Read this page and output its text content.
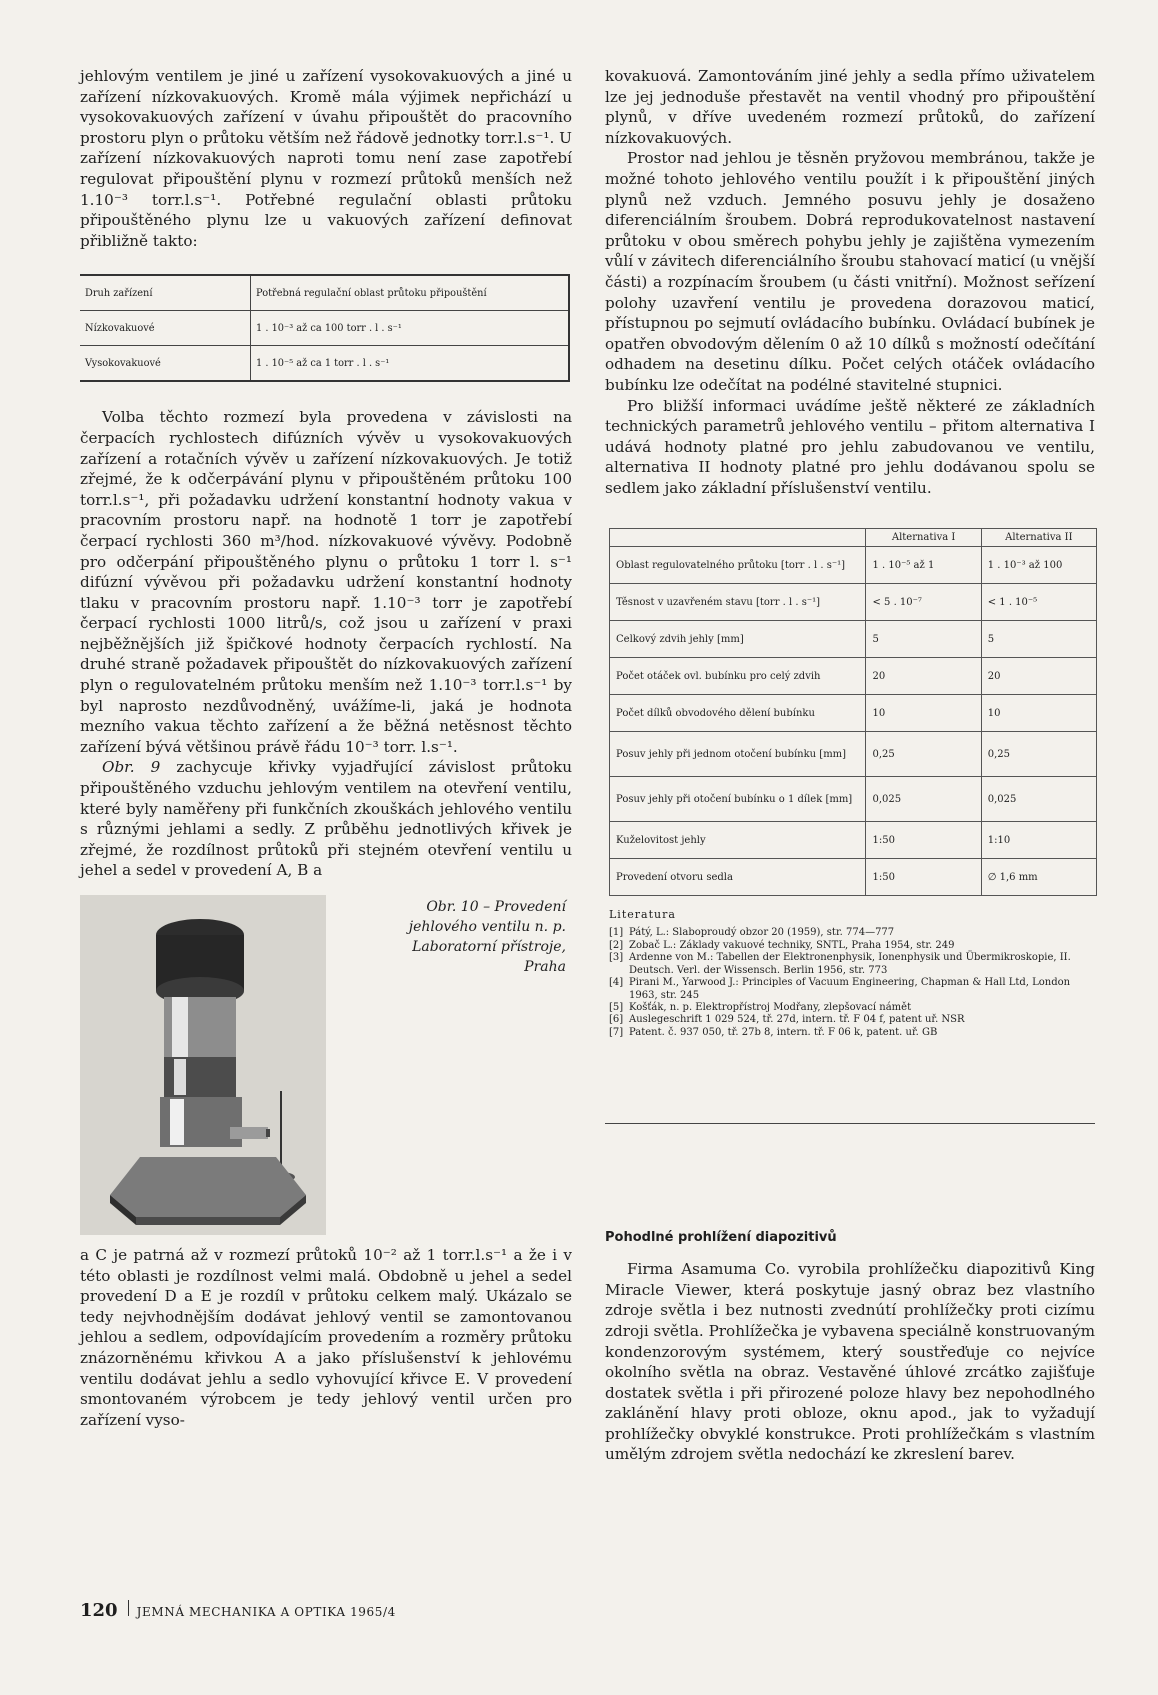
jehlovým ventilem je jiné u zařízení vysokovakuových a jiné u zařízení nízkovakuových. Kromě mála výjimek nepřichází u vysokovakuových zařízení v úvahu připouštět do pracovního prostoru plyn o průtoku větším než řádově jednotky torr.l.s⁻¹. U zařízení nízkovakuových naproti tomu není zase zapotřebí regulovat připouštění plynu v rozmezí průtoků menších než 1.10⁻³ torr.l.s⁻¹. Potřebné regulační oblasti průtoku připouštěného plynu lze u vakuových zařízení definovat přibližně takto:

Druh zařízení	Potřebná regulační oblast průtoku připouštění
Nízkovakuové	1 . 10⁻³ až ca 100 torr . l . s⁻¹
Vysokovakuové	1 . 10⁻⁵ až ca 1 torr . l . s⁻¹

Volba těchto rozmezí byla provedena v závislosti na čerpacích rychlostech difúzních vývěv u vysokovakuových zařízení a rotačních vývěv u zařízení nízkovakuových. Je totiž zřejmé, že k odčerpávání plynu v připouštěném průtoku 100 torr.l.s⁻¹, při požadavku udržení konstantní hodnoty vakua v pracovním prostoru např. na hodnotě 1 torr je zapotřebí čerpací rychlosti 360 m³/hod. nízkovakuové vývěvy. Podobně pro odčerpání připouštěného plynu o průtoku 1 torr l. s⁻¹ difúzní vývěvou při požadavku udržení konstantní hodnoty tlaku v pracovním prostoru např. 1.10⁻³ torr je zapotřebí čerpací rychlosti 1000 litrů/s, což jsou u zařízení v praxi nejběžnějších již špičkové hodnoty čerpacích rychlostí. Na druhé straně požadavek připouštět do nízkovakuových zařízení plyn o regulovatelném průtoku menším než 1.10⁻³ torr.l.s⁻¹ by byl naprosto nezdůvodněný, uvážíme-li, jaká je hodnota mezního vakua těchto zařízení a že běžná netěsnost těchto zařízení bývá většinou právě řádu 10⁻³ torr. l.s⁻¹.

Obr. 9 zachycuje křivky vyjadřující závislost průtoku připouštěného vzduchu jehlovým ventilem na otevření ventilu, které byly naměřeny při funkčních zkouškách jehlového ventilu s různými jehlami a sedly. Z průběhu jednotlivých křivek je zřejmé, že rozdílnost průtoků při stejném otevření ventilu u jehel a sedel v provedení A, B a

Obr. 10 – Provedení jehlového ventilu n. p. Laboratorní přístroje, Praha

a C je patrná až v rozmezí průtoků 10⁻² až 1 torr.l.s⁻¹ a že i v této oblasti je rozdílnost velmi malá. Obdobně u jehel a sedel provedení D a E je rozdíl v průtoku celkem malý. Ukázalo se tedy nejvhodnějším dodávat jehlový ventil se zamontovanou jehlou a sedlem, odpovídajícím provedením a rozměry průtoku znázorněnému křivkou A a jako příslušenství k jehlovému ventilu dodávat jehlu a sedlo vyhovující křivce E. V provedení smontovaném výrobcem je tedy jehlový ventil určen pro zařízení vyso-

kovakuová. Zamontováním jiné jehly a sedla přímo uživatelem lze jej jednoduše přestavět na ventil vhodný pro připouštění plynů, v dříve uvedeném rozmezí průtoků, do zařízení nízkovakuových.

Prostor nad jehlou je těsněn pryžovou membránou, takže je možné tohoto jehlového ventilu použít i k připouštění jiných plynů než vzduch. Jemného posuvu jehly je dosaženo diferenciálním šroubem. Dobrá reprodukovatelnost nastavení průtoku v obou směrech pohybu jehly je zajištěna vymezením vůlí v závitech diferenciálního šroubu stahovací maticí (u vnější části) a rozpínacím šroubem (u části vnitřní). Možnost seřízení polohy uzavření ventilu je provedena dorazovou maticí, přístupnou po sejmutí ovládacího bubínku. Ovládací bubínek je opatřen obvodovým dělením 0 až 10 dílků s možností odečítání odhadem na desetinu dílku. Počet celých otáček ovládacího bubínku lze odečítat na podélné stavitelné stupnici.

Pro bližší informaci uvádíme ještě některé ze základních technických parametrů jehlového ventilu – přitom alternativa I udává hodnoty platné pro jehlu zabudovanou ve ventilu, alternativa II hodnoty platné pro jehlu dodávanou spolu se sedlem jako základní příslušenství ventilu.

	Alternativa I	Alternativa II
Oblast regulovatelného průtoku [torr . l . s⁻¹]	1 . 10⁻⁵ až 1	1 . 10⁻³ až 100
Těsnost v uzavřeném stavu [torr . l . s⁻¹]	< 5 . 10⁻⁷	< 1 . 10⁻⁵
Celkový zdvih jehly [mm]	5	5
Počet otáček ovl. bubínku pro celý zdvih	20	20
Počet dílků obvodového dělení bubínku	10	10
Posuv jehly při jednom otočení bubínku [mm]	0,25	0,25
Posuv jehly při otočení bubínku o 1 dílek [mm]	0,025	0,025
Kuželovitost jehly	1:50	1:10
Provedení otvoru sedla	1:50	∅ 1,6 mm
Literatura
[1] Pátý, L.: Slaboproudý obzor 20 (1959), str. 774—777
[2] Zobač L.: Základy vakuové techniky, SNTL, Praha 1954, str. 249
[3] Ardenne von M.: Tabellen der Elektronenphysik, Ionenphysik und Übermikroskopie, II. Deutsch. Verl. der Wissensch. Berlin 1956, str. 773
[4] Pirani M., Yarwood J.: Principles of Vacuum Engineering, Chapman & Hall Ltd, London 1963, str. 245
[5] Košťák, n. p. Elektropřístroj Modřany, zlepšovací námět
[6] Auslegeschrift 1 029 524, tř. 27d, intern. tř. F 04 f, patent uř. NSR
[7] Patent. č. 937 050, tř. 27b 8, intern. tř. F 06 k, patent. uř. GB
Pohodlné prohlížení diapozitivů

Firma Asamuma Co. vyrobila prohlížečku diapozitivů King Miracle Viewer, která poskytuje jasný obraz bez vlastního zdroje světla i bez nutnosti zvednútí prohlížečky proti cizímu zdroji světla. Prohlížečka je vybavena speciálně konstruovaným kondenzorovým systémem, který soustřeďuje co nejvíce okolního světla na obraz. Vestavěné úhlové zrcátko zajišťuje dostatek světla i při přirozené poloze hlavy bez nepohodlného zaklánění hlavy proti obloze, oknu apod., jak to vyžadují prohlížečky obvyklé konstrukce. Proti prohlížečkám s vlastním umělým zdrojem světla nedochází ke zkreslení barev.

120 JEMNÁ MECHANIKA A OPTIKA 1965/4
